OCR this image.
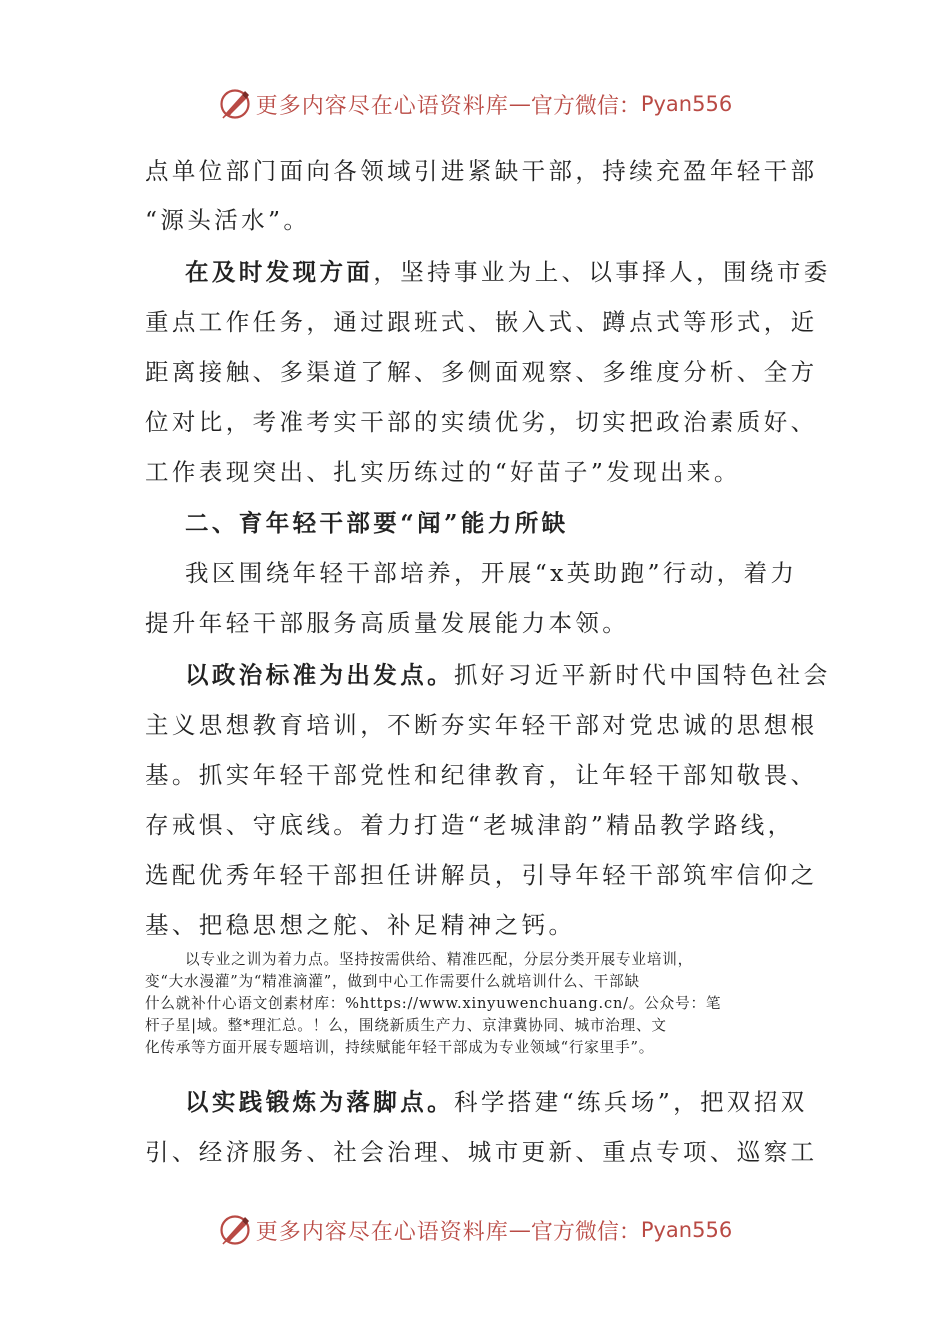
更多内容尽在心语资料库 — 官方微信： Pyan556
点单位部门面向各领域引进紧缺干部，持续充盈年轻干部
“源头活水”。
在及时发现方面，坚持事业为上、以事择人，围绕市委
重点工作任务，通过跟班式、嵌入式、蹲点式等形式，近
距离接触、多渠道了解、多侧面观察、多维度分析、全方
位对比，考准考实干部的实绩优劣，切实把政治素质好、
工作表现突出、扎实历练过的“好苗子”发现出来。
二、育年轻干部要“闻”能力所缺
我区围绕年轻干部培养，开展“x英助跑”行动，着力
提升年轻干部服务高质量发展能力本领。
以政治标准为出发点。抓好习近平新时代中国特色社会
主义思想教育培训，不断夯实年轻干部对党忠诚的思想根
基。抓实年轻干部党性和纪律教育，让年轻干部知敬畏、
存戒惧、守底线。着力打造“老城津韵”精品教学路线，
选配优秀年轻干部担任讲解员，引导年轻干部筑牢信仰之
基、把稳思想之舵、补足精神之钙。
以专业之训为着力点。坚持按需供给、精准匹配，分层分类开展专业培训，
变“大水漫灌”为“精准滴灌”，做到中心工作需要什么就培训什么、干部缺
什么就补什心语文创素材库：%https://www.xinyuwenchuang.cn/。公众号：笔
杆子星|域。整*理汇总。！么，围绕新质生产力、京津冀协同、城市治理、文
化传承等方面开展专题培训，持续赋能年轻干部成为专业领域“行家里手”。
以实践锻炼为落脚点。科学搭建“练兵场”，把双招双
引、经济服务、社会治理、城市更新、重点专项、巡察工
更多内容尽在心语资料库 — 官方微信： Pyan556
